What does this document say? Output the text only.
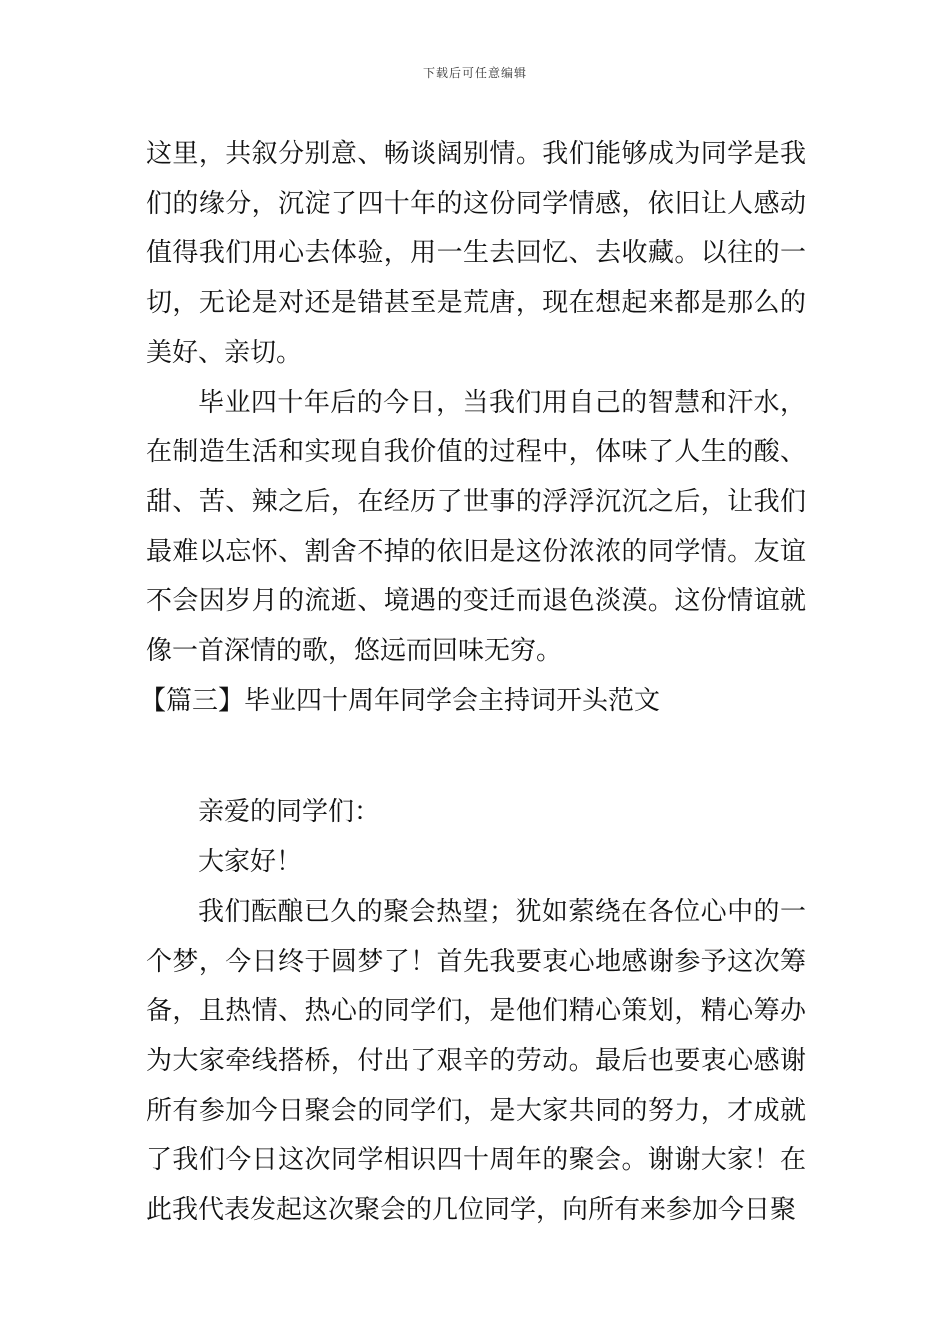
下载后可任意编辑

这里，共叙分别意、畅谈阔别情。我们能够成为同学是我们的缘分，沉淀了四十年的这份同学情感，依旧让人感动值得我们用心去体验，用一生去回忆、去收藏。以往的一切，无论是对还是错甚至是荒唐，现在想起来都是那么的美好、亲切。

毕业四十年后的今日，当我们用自己的智慧和汗水，在制造生活和实现自我价值的过程中，体味了人生的酸、甜、苦、辣之后，在经历了世事的浮浮沉沉之后，让我们最难以忘怀、割舍不掉的依旧是这份浓浓的同学情。友谊不会因岁月的流逝、境遇的变迁而退色淡漠。这份情谊就像一首深情的歌，悠远而回味无穷。

【篇三】毕业四十周年同学会主持词开头范文

亲爱的同学们：

大家好！

我们酝酿已久的聚会热望；犹如萦绕在各位心中的一个梦，今日终于圆梦了！首先我要衷心地感谢参予这次筹备，且热情、热心的同学们，是他们精心策划，精心筹办为大家牵线搭桥，付出了艰辛的劳动。最后也要衷心感谢所有参加今日聚会的同学们，是大家共同的努力，才成就了我们今日这次同学相识四十周年的聚会。谢谢大家！在此我代表发起这次聚会的几位同学，向所有来参加今日聚
